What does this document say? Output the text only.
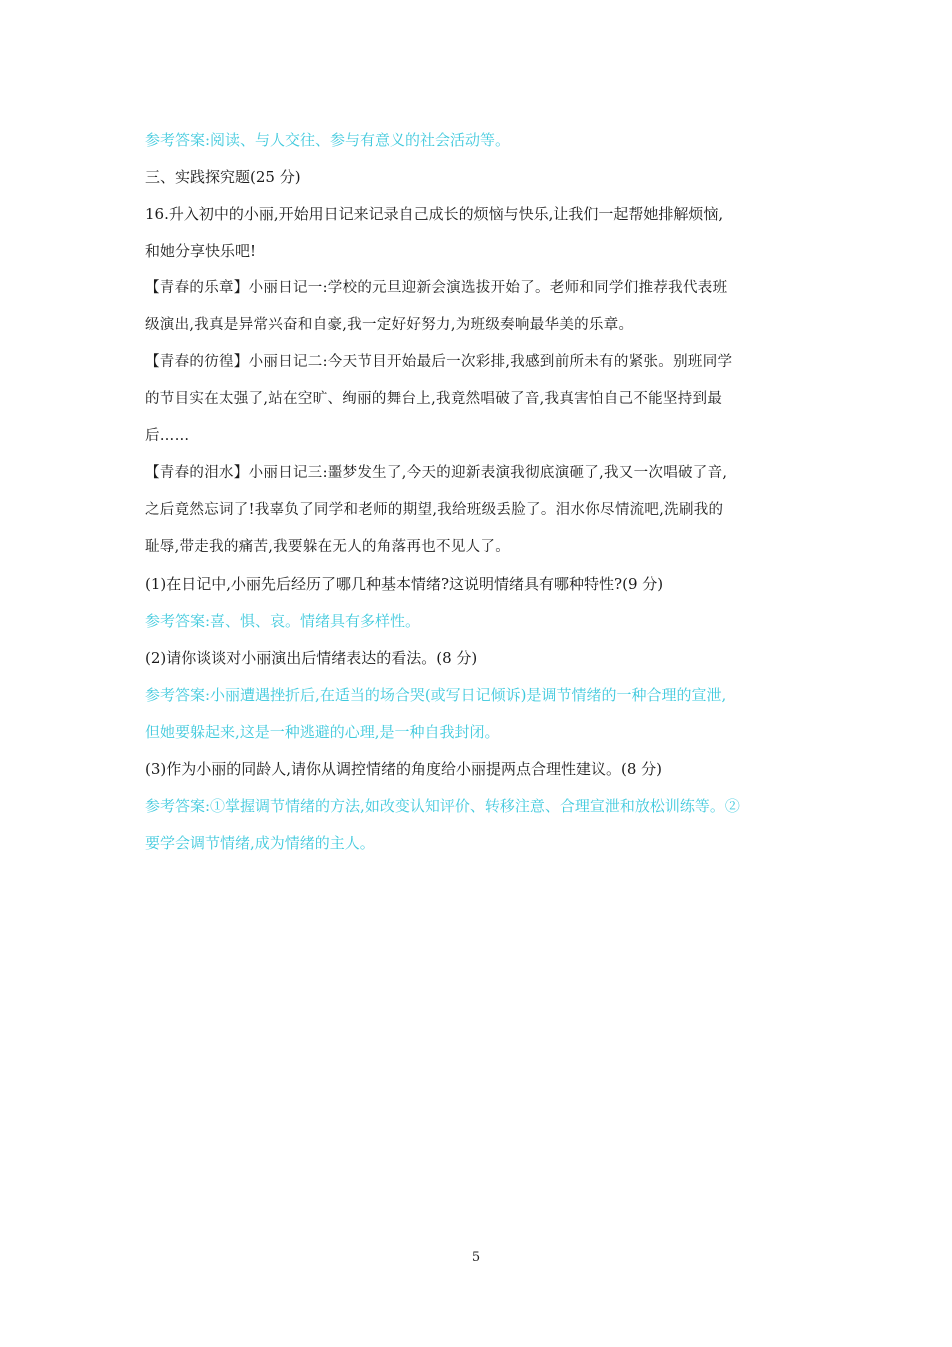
参考答案:阅读、与人交往、参与有意义的社会活动等。
三、实践探究题(25 分)
16.升入初中的小丽,开始用日记来记录自己成长的烦恼与快乐,让我们一起帮她排解烦恼,
和她分享快乐吧!
【青春的乐章】小丽日记一:学校的元旦迎新会演选拔开始了。老师和同学们推荐我代表班
级演出,我真是异常兴奋和自豪,我一定好好努力,为班级奏响最华美的乐章。
【青春的彷徨】小丽日记二:今天节目开始最后一次彩排,我感到前所未有的紧张。别班同学
的节目实在太强了,站在空旷、绚丽的舞台上,我竟然唱破了音,我真害怕自己不能坚持到最
后……
【青春的泪水】小丽日记三:噩梦发生了,今天的迎新表演我彻底演砸了,我又一次唱破了音,
之后竟然忘词了!我辜负了同学和老师的期望,我给班级丢脸了。泪水你尽情流吧,洗刷我的
耻辱,带走我的痛苦,我要躲在无人的角落再也不见人了。
(1)在日记中,小丽先后经历了哪几种基本情绪?这说明情绪具有哪种特性?(9 分)
参考答案:喜、惧、哀。情绪具有多样性。
(2)请你谈谈对小丽演出后情绪表达的看法。(8 分)
参考答案:小丽遭遇挫折后,在适当的场合哭(或写日记倾诉)是调节情绪的一种合理的宣泄,
但她要躲起来,这是一种逃避的心理,是一种自我封闭。
(3)作为小丽的同龄人,请你从调控情绪的角度给小丽提两点合理性建议。(8 分)
参考答案:①掌握调节情绪的方法,如改变认知评价、转移注意、合理宣泄和放松训练等。②
要学会调节情绪,成为情绪的主人。
5
